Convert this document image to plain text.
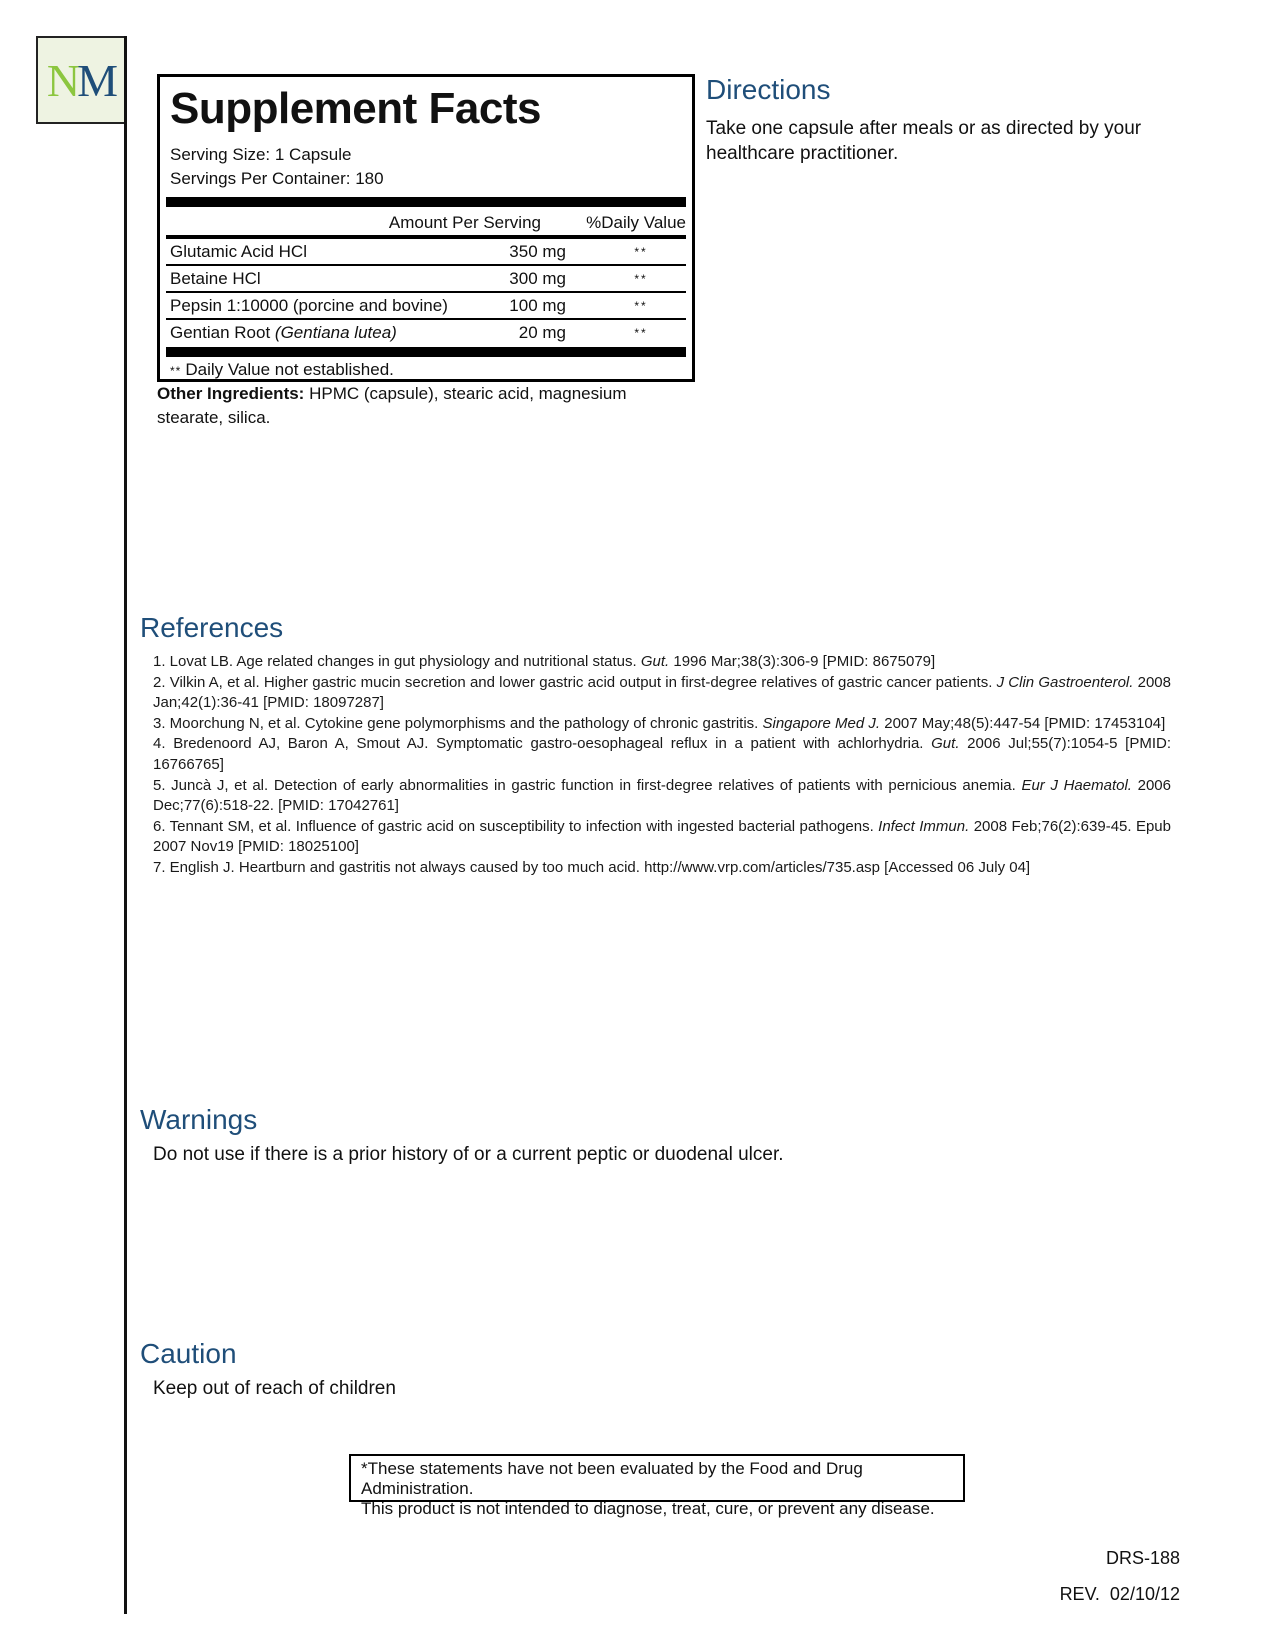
N M
Supplement Facts
Serving Size: 1 Capsule
Servings Per Container: 180
Amount Per Serving	%Daily Value
Glutamic Acid HCl	350 mg	**
Betaine HCl	300 mg	**
Pepsin 1:10000 (porcine and bovine)	100 mg	**
Gentian Root (Gentiana lutea)	20 mg	**
** Daily Value not established.
Other Ingredients: HPMC (capsule), stearic acid, magnesium stearate, silica.
Directions
Take one capsule after meals or as directed by your healthcare practitioner.
References

1. Lovat LB. Age related changes in gut physiology and nutritional status. Gut. 1996 Mar;38(3):306-9 [PMID: 8675079]

2. Vilkin A, et al. Higher gastric mucin secretion and lower gastric acid output in first-degree relatives of gastric cancer patients. J Clin Gastroenterol. 2008 Jan;42(1):36-41 [PMID: 18097287]

3. Moorchung N, et al. Cytokine gene polymorphisms and the pathology of chronic gastritis. Singapore Med J. 2007 May;48(5):447-54 [PMID: 17453104]

4. Bredenoord AJ, Baron A, Smout AJ. Symptomatic gastro-oesophageal reflux in a patient with achlorhydria. Gut. 2006 Jul;55(7):1054-5 [PMID: 16766765]

5. Juncà J, et al. Detection of early abnormalities in gastric function in first-degree relatives of patients with pernicious anemia. Eur J Haematol. 2006 Dec;77(6):518-22. [PMID: 17042761]

6. Tennant SM, et al. Influence of gastric acid on susceptibility to infection with ingested bacterial pathogens. Infect Immun. 2008 Feb;76(2):639-45. Epub 2007 Nov19 [PMID: 18025100]

7. English J. Heartburn and gastritis not always caused by too much acid. http://www.vrp.com/articles/735.asp [Accessed 06 July 04]

Warnings
Do not use if there is a prior history of or a current peptic or duodenal ulcer.
Caution
Keep out of reach of children
*These statements have not been evaluated by the Food and Drug Administration.
This product is not intended to diagnose, treat, cure, or prevent any disease.
DRS-188
REV.  02/10/12
